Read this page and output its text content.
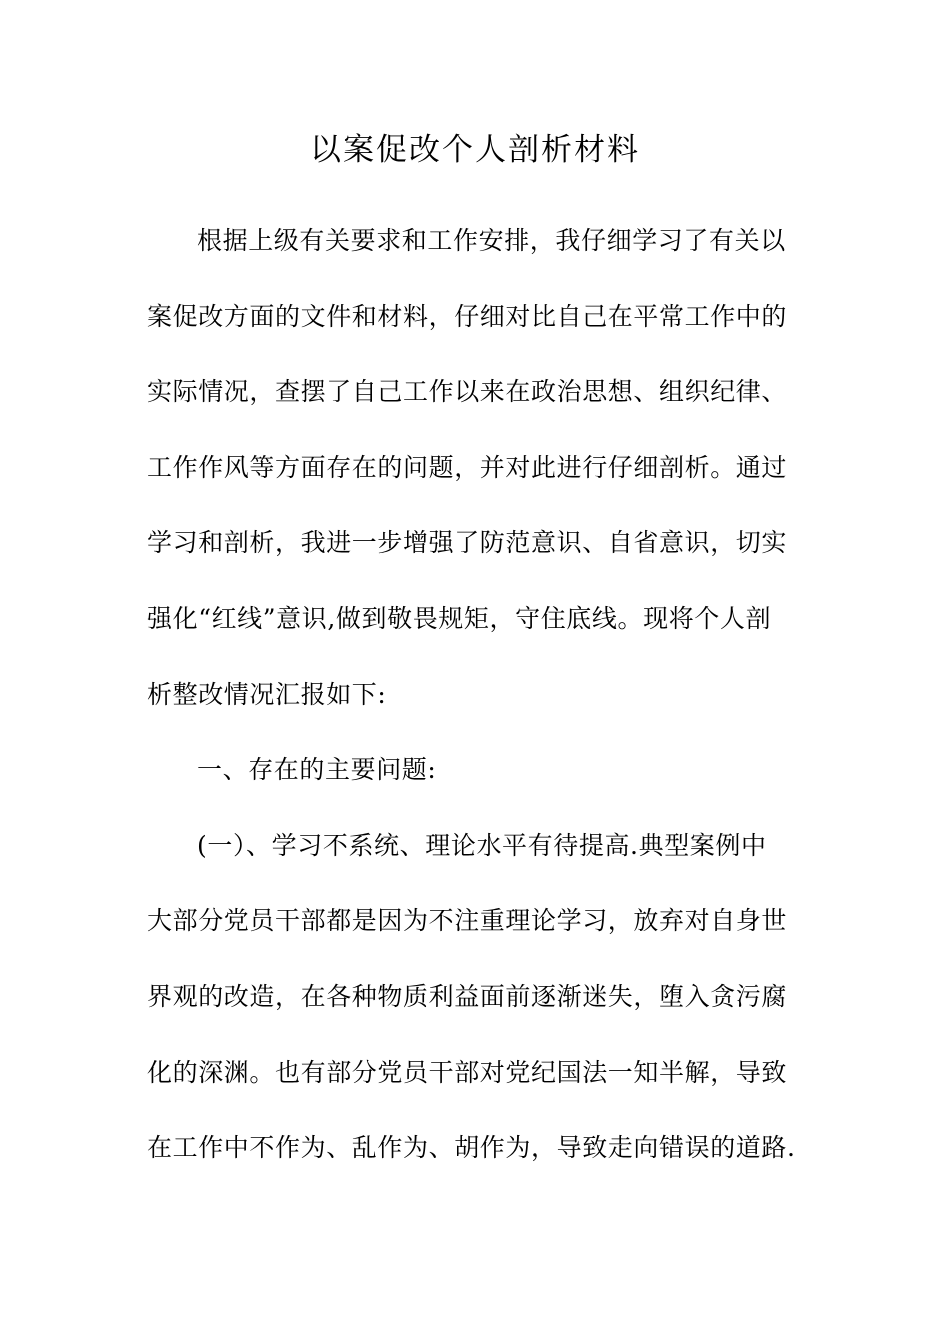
以案促改个人剖析材料
根据上级有关要求和工作安排，我仔细学习了有关以
案促改方面的文件和材料，仔细对比自己在平常工作中的
实际情况，查摆了自己工作以来在政治思想、组织纪律、
工作作风等方面存在的问题，并对此进行仔细剖析。通过
学习和剖析，我进一步增强了防范意识、自省意识，切实
强化“红线”意识,做到敬畏规矩，守住底线。现将个人剖
析整改情况汇报如下:
一、存在的主要问题:
(一）、学习不系统、理论水平有待提高.典型案例中
大部分党员干部都是因为不注重理论学习，放弃对自身世
界观的改造，在各种物质利益面前逐渐迷失，堕入贪污腐
化的深渊。也有部分党员干部对党纪国法一知半解，导致
在工作中不作为、乱作为、胡作为，导致走向错误的道路.
